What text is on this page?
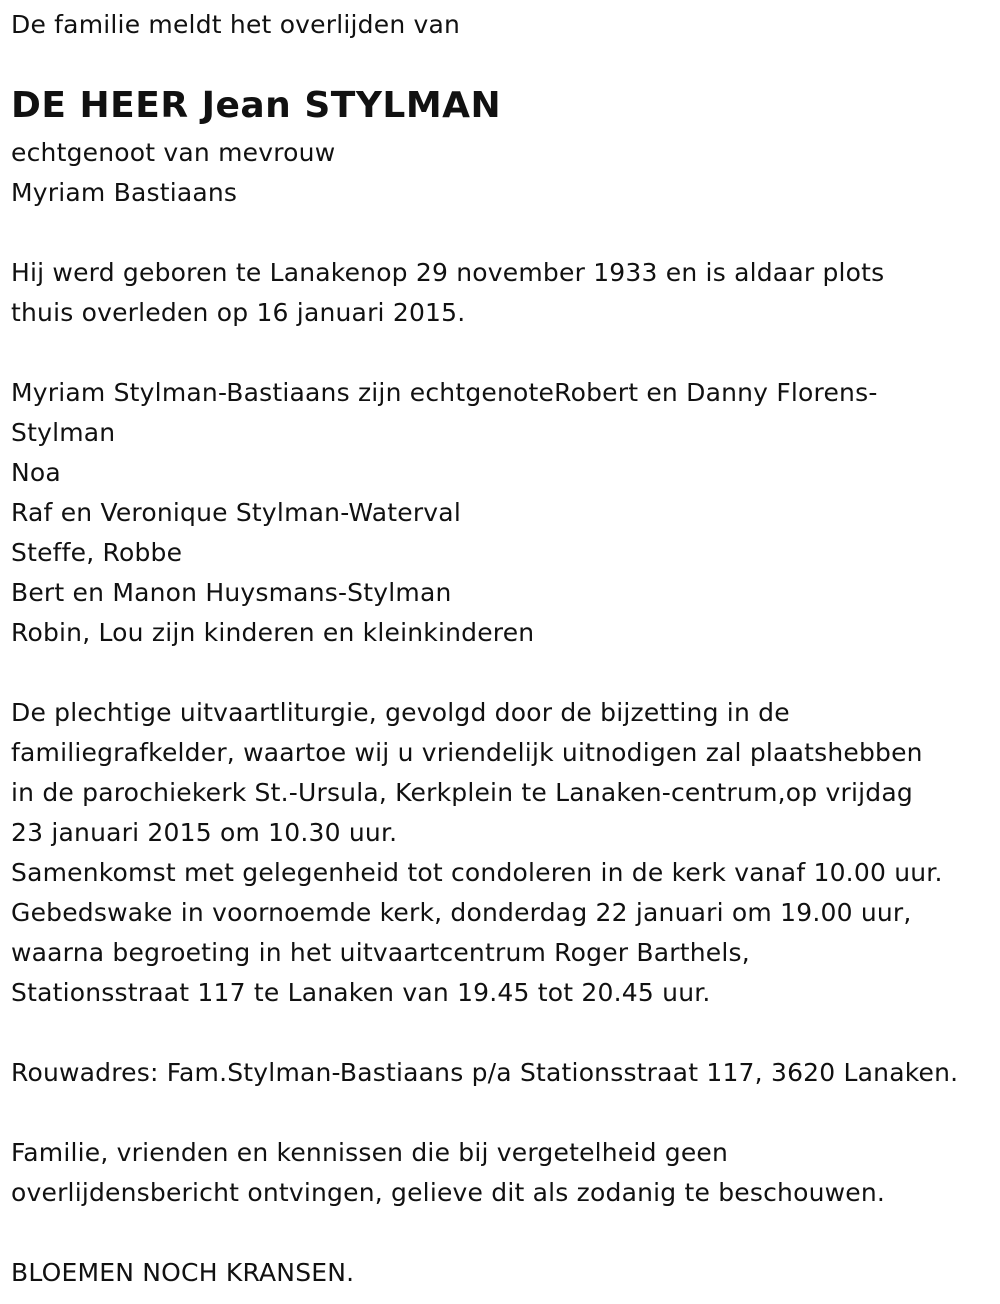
De familie meldt het overlijden van
DE HEER Jean STYLMAN
echtgenoot van mevrouw
Myriam Bastiaans
Hij werd geboren te Lanakenop 29 november 1933 en is aldaar plots
thuis overleden op 16 januari 2015.
Myriam Stylman-Bastiaans zijn echtgenoteRobert en Danny Florens-
Stylman
Noa
Raf en Veronique Stylman-Waterval
Steffe, Robbe
Bert en Manon Huysmans-Stylman
Robin, Lou zijn kinderen en kleinkinderen
De plechtige uitvaartliturgie, gevolgd door de bijzetting in de
familiegrafkelder, waartoe wij u vriendelijk uitnodigen zal plaatshebben
in de parochiekerk St.-Ursula, Kerkplein te Lanaken-centrum,op vrijdag
23 januari 2015 om 10.30 uur.
Samenkomst met gelegenheid tot condoleren in de kerk vanaf 10.00 uur.
Gebedswake in voornoemde kerk, donderdag 22 januari om 19.00 uur,
waarna begroeting in het uitvaartcentrum Roger Barthels,
Stationsstraat 117 te Lanaken van 19.45 tot 20.45 uur.
Rouwadres: Fam.Stylman-Bastiaans p/a Stationsstraat 117, 3620 Lanaken.
Familie, vrienden en kennissen die bij vergetelheid geen
overlijdensbericht ontvingen, gelieve dit als zodanig te beschouwen.
BLOEMEN NOCH KRANSEN.
